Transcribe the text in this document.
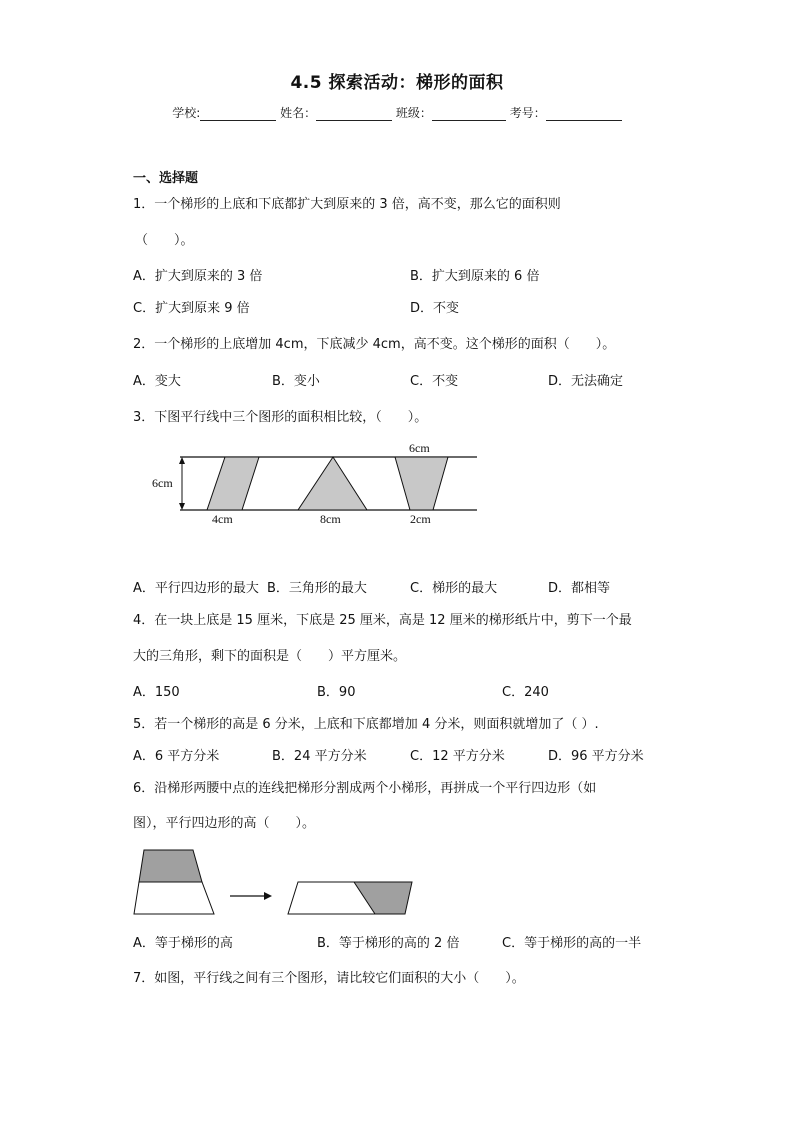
4.5 探索活动：梯形的面积
学校:	姓名：	班级：	考号：
一、选择题
1．一个梯形的上底和下底都扩大到原来的 3 倍，高不变，那么它的面积则
（　　）。
A．扩大到原来的 3 倍	B．扩大到原来的 6 倍
C．扩大到原来 9 倍	D．不变
2．一个梯形的上底增加 4cm，下底减少 4cm，高不变。这个梯形的面积（　　）。
A．变大	B．变小	C．不变	D．无法确定
3．下图平行线中三个图形的面积相比较，（　　）。
6cm
4cm	8cm
6cm
2cm
A．平行四边形的最大 B．三角形的最大	C．梯形的最大	D．都相等
4．在一块上底是 15 厘米，下底是 25 厘米，高是 12 厘米的梯形纸片中，剪下一个最
大的三角形，剩下的面积是（　　）平方厘米。
A．150	B．90	C．240
5．若一个梯形的高是 6 分米，上底和下底都增加 4 分米，则面积就增加了（ ）.
A．6 平方分米	B．24 平方分米	C．12 平方分米	D．96 平方分米
6．沿梯形两腰中点的连线把梯形分割成两个小梯形，再拼成一个平行四边形（如
图），平行四边形的高（　　）。
A．等于梯形的高	B．等于梯形的高的 2 倍	C．等于梯形的高的一半
7．如图，平行线之间有三个图形，请比较它们面积的大小（　　）。
